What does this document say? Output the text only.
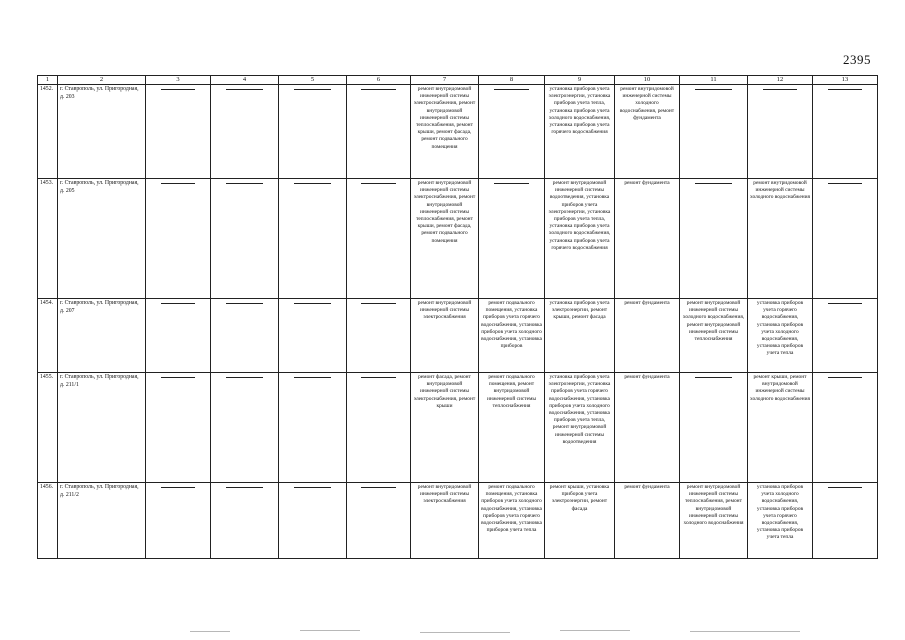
2395
1	2	3	4	5	6	7	8	9	10	11	12	13
1452.	г. Ставрополь, ул. Пригородная, д. 203					ремонт внутридомовой инженерной системы электроснабжения, ремонт внутридомовой инженерной системы теплоснабжения, ремонт крыши, ремонт фасада, ремонт подвального помещения		установка приборов учета электроэнергии, установка приборов учета тепла, установка приборов учета холодного водоснабжения, установка приборов учета горячего водоснабжения	ремонт внутридомовой инженерной системы холодного водоснабжения, ремонт фундамента	

1453.	г. Ставрополь, ул. Пригородная, д. 205					ремонт внутридомовой инженерной системы электроснабжения, ремонт внутридомовой инженерной системы теплоснабжения, ремонт крыши, ремонт фасада, ремонт подвального помещения		ремонт внутридомовой инженерной системы водоотведения, установка приборов учета электроэнергии, установка приборов учета тепла, установка приборов учета холодного водоснабжения, установка приборов учета горячего водоснабжения	ремонт фундамента		ремонт внутридомовой инженерной системы холодного водоснабжения	

1454.	г. Ставрополь, ул. Пригородная, д. 207					ремонт внутридомовой инженерной системы электроснабжения	ремонт подвального помещения, установка приборов учета горячего водоснабжения, установка приборов учета холодного водоснабжения, установка приборов	установка приборов учета электроэнергии, ремонт крыши, ремонт фасада	ремонт фундамента	ремонт внутридомовой инженерной системы холодного водоснабжения, ремонт внутридомовой инженерной системы теплоснабжения	установка приборов учета горячего водоснабжения, установка приборов учета холодного водоснабжения, установка приборов учета тепла	

1455.	г. Ставрополь, ул. Пригородная, д. 211/1					ремонт фасада, ремонт внутридомовой инженерной системы электроснабжения, ремонт крыши	ремонт подвального помещения, ремонт внутридомовой инженерной системы теплоснабжения	установка приборов учета электроэнергии, установка приборов учета горячего водоснабжения, установка приборов учета холодного водоснабжения, установка приборов учета тепла, ремонт внутридомовой инженерной системы водоотведения	ремонт фундамента		ремонт крыши, ремонт внутридомовой инженерной системы холодного водоснабжения	

1456.	г. Ставрополь, ул. Пригородная, д. 211/2					ремонт внутридомовой инженерной системы электроснабжения	ремонт подвального помещения, установка приборов учета холодного водоснабжения, установка приборов учета горячего водоснабжения, установка приборов учета тепла	ремонт крыши, установка приборов учета электроэнергии, ремонт фасада	ремонт фундамента	ремонт внутридомовой инженерной системы теплоснабжения, ремонт внутридомовой инженерной системы холодного водоснабжения	установка приборов учета холодного водоснабжения, установка приборов учета горячего водоснабжения, установка приборов учета тепла	
